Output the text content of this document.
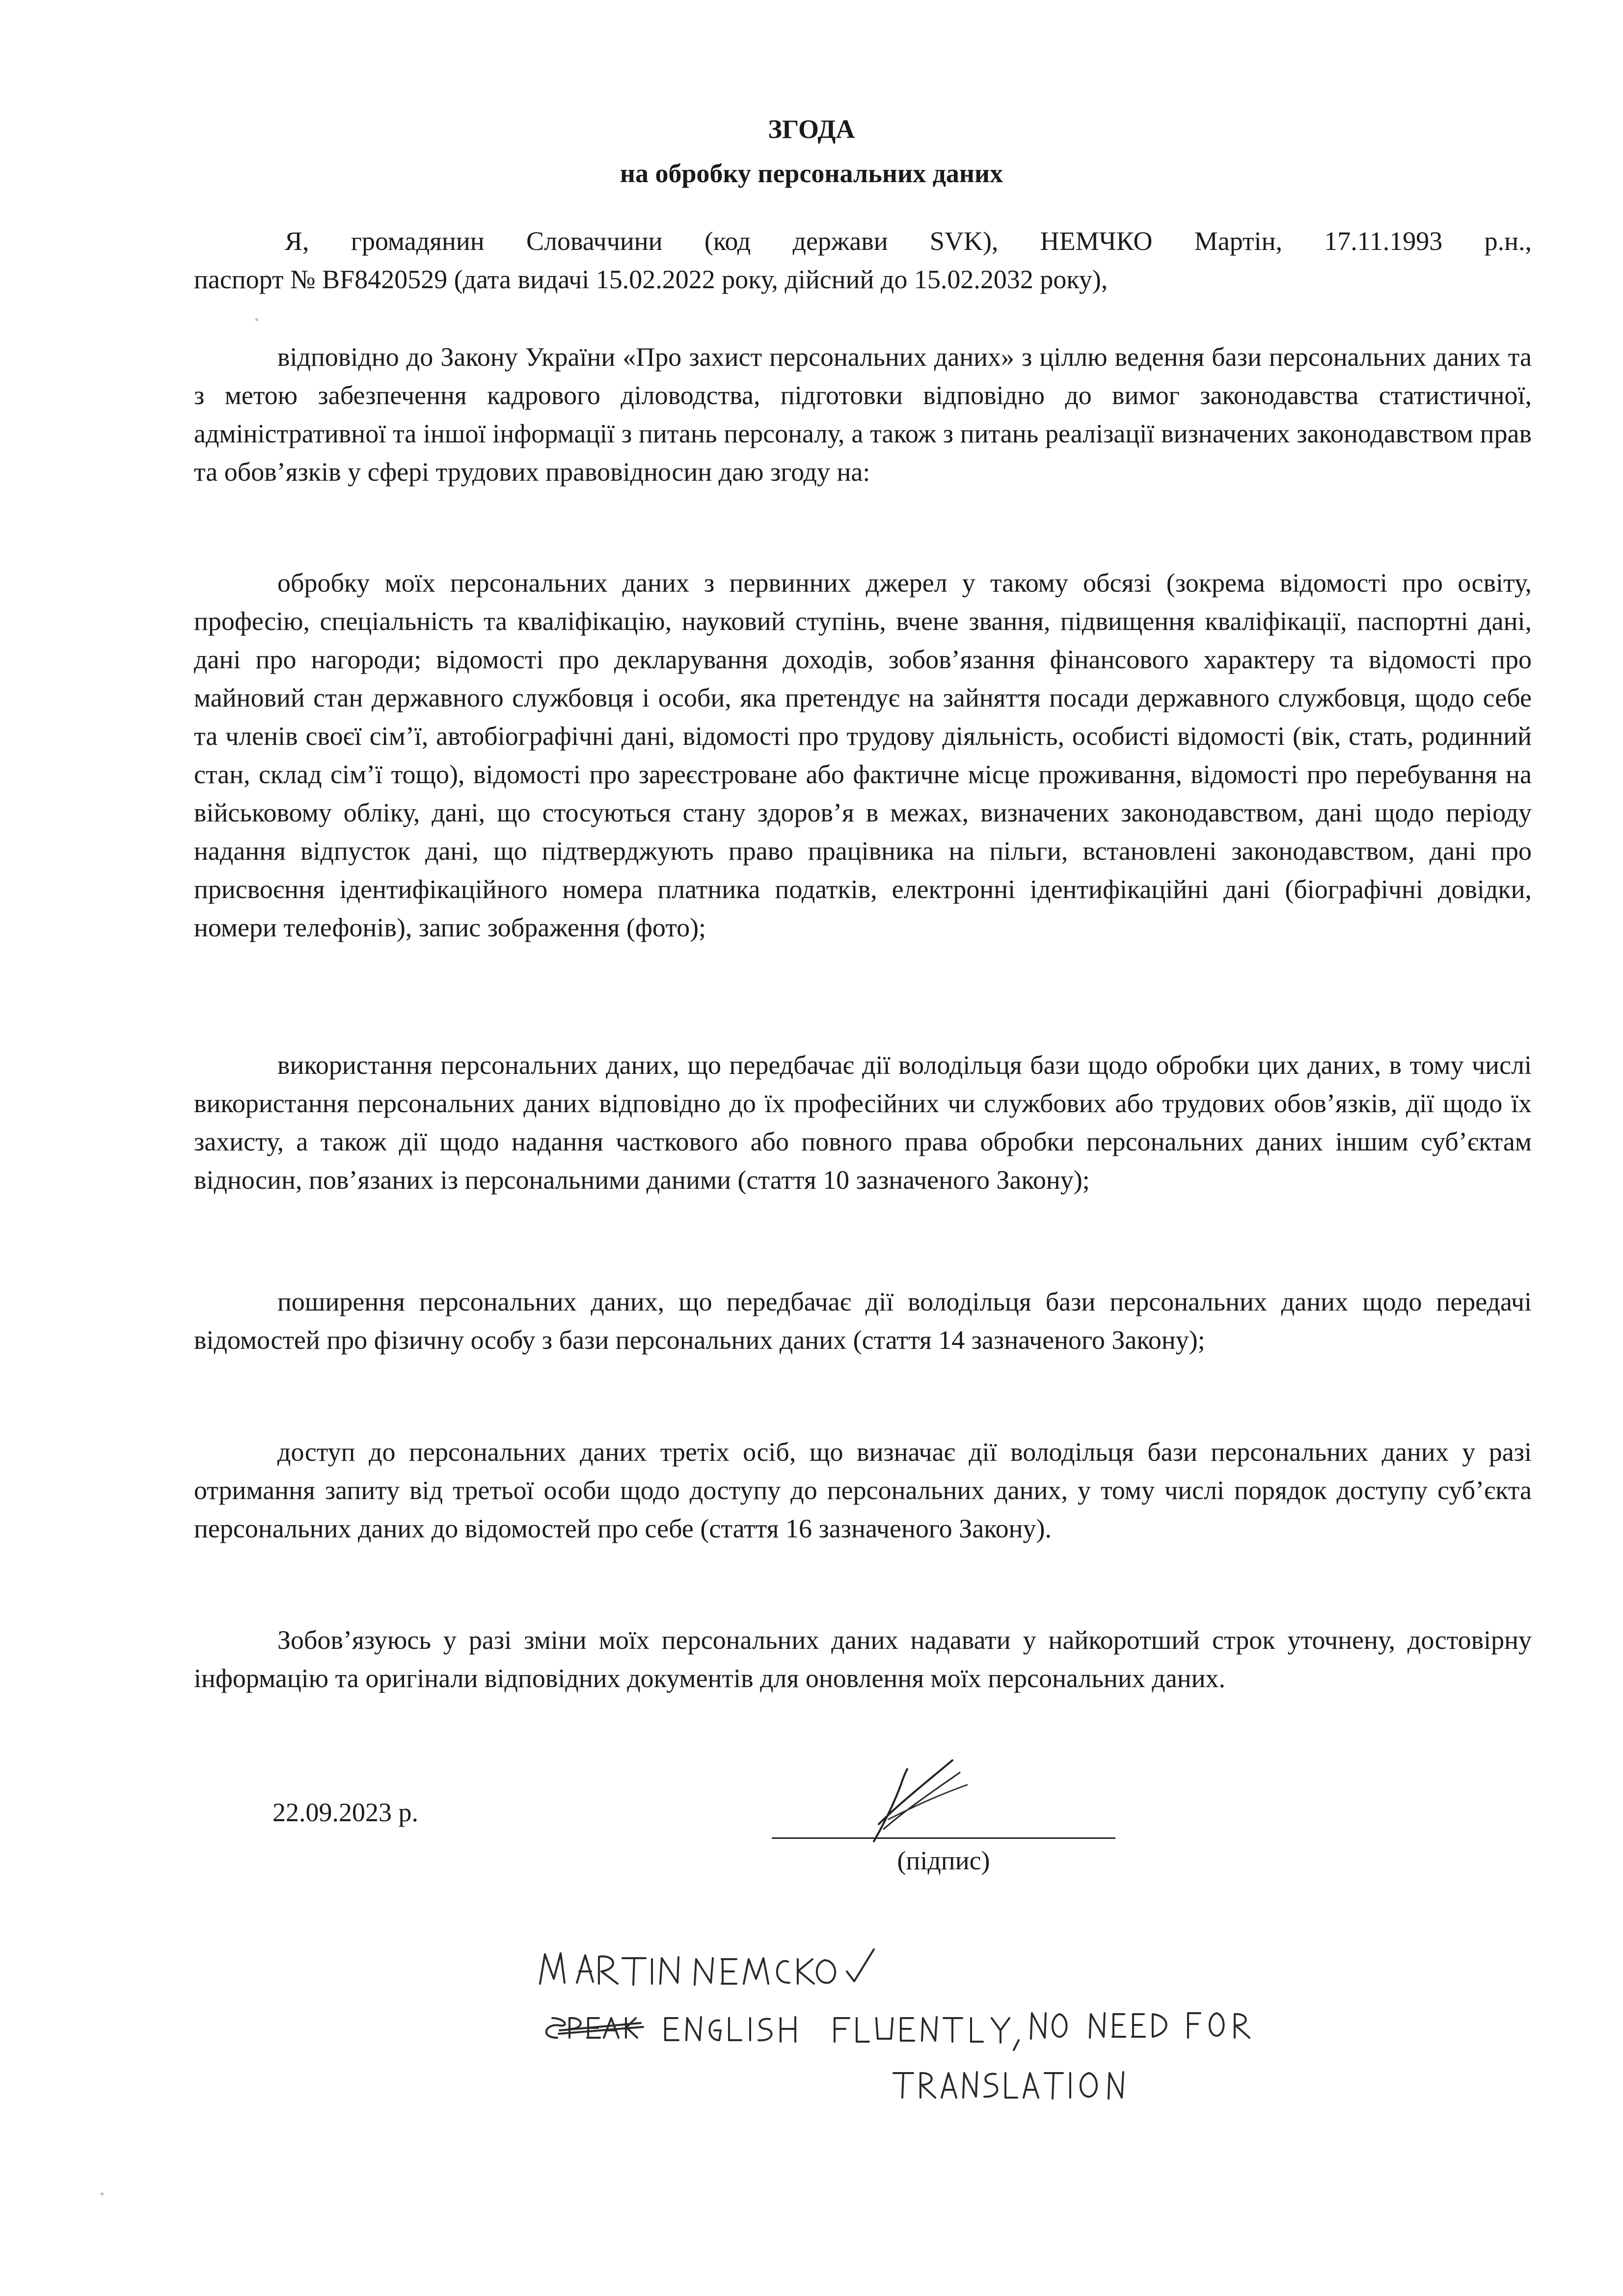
ЗГОДА
на обробку персональних даних
Я, громадянин Словаччини (код держави SVK), НЕМЧКО Мартін, 17.11.1993 р.н.,
паспорт № BF8420529 (дата видачі 15.02.2022 року, дійсний до 15.02.2032 року),

відповідно до Закону України «Про захист персональних даних» з ціллю ведення бази персональних даних та з метою забезпечення кадрового діловодства, підготовки відповідно до вимог законодавства статистичної, адміністративної та іншої інформації з питань персоналу, а також з питань реалізації визначених законодавством прав та обов’язків у сфері трудових правовідносин даю згоду на:

обробку моїх персональних даних з первинних джерел у такому обсязі (зокрема відомості про освіту, професію, спеціальність та кваліфікацію, науковий ступінь, вчене звання, підвищення кваліфікації, паспортні дані, дані про нагороди; відомості про декларування доходів, зобов’язання фінансового характеру та відомості про майновий стан державного службовця і особи, яка претендує на зайняття посади державного службовця, щодо себе та членів своєї сім’ї, автобіографічні дані, відомості про трудову діяльність, особисті відомості (вік, стать, родинний стан, склад сім’ї тощо), відомості про зареєстроване або фактичне місце проживання, відомості про перебування на військовому обліку, дані, що стосуються стану здоров’я в межах, визначених законодавством, дані щодо періоду надання відпусток дані, що підтверджують право працівника на пільги, встановлені законодавством, дані про присвоєння ідентифікаційного номера платника податків, електронні ідентифікаційні дані (біографічні довідки, номери телефонів), запис зображення (фото);

використання персональних даних, що передбачає дії володільця бази щодо обробки цих даних, в тому числі використання персональних даних відповідно до їх професійних чи службових або трудових обов’язків, дії щодо їх захисту, а також дії щодо надання часткового або повного права обробки персональних даних іншим суб’єктам відносин, пов’язаних із персональними даними (стаття 10 зазначеного Закону);

поширення персональних даних, що передбачає дії володільця бази персональних даних щодо передачі відомостей про фізичну особу з бази персональних даних (стаття 14 зазначеного Закону);

доступ до персональних даних третіх осіб, що визначає дії володільця бази персональних даних у разі отримання запиту від третьої особи щодо доступу до персональних даних, у тому числі порядок доступу суб’єкта персональних даних до відомостей про себе (стаття 16 зазначеного Закону).

Зобов’язуюсь у разі зміни моїх персональних даних надавати у найкоротший строк уточнену, достовірну інформацію та оригінали відповідних документів для оновлення моїх персональних даних.

22.09.2023 р.
(підпис)
